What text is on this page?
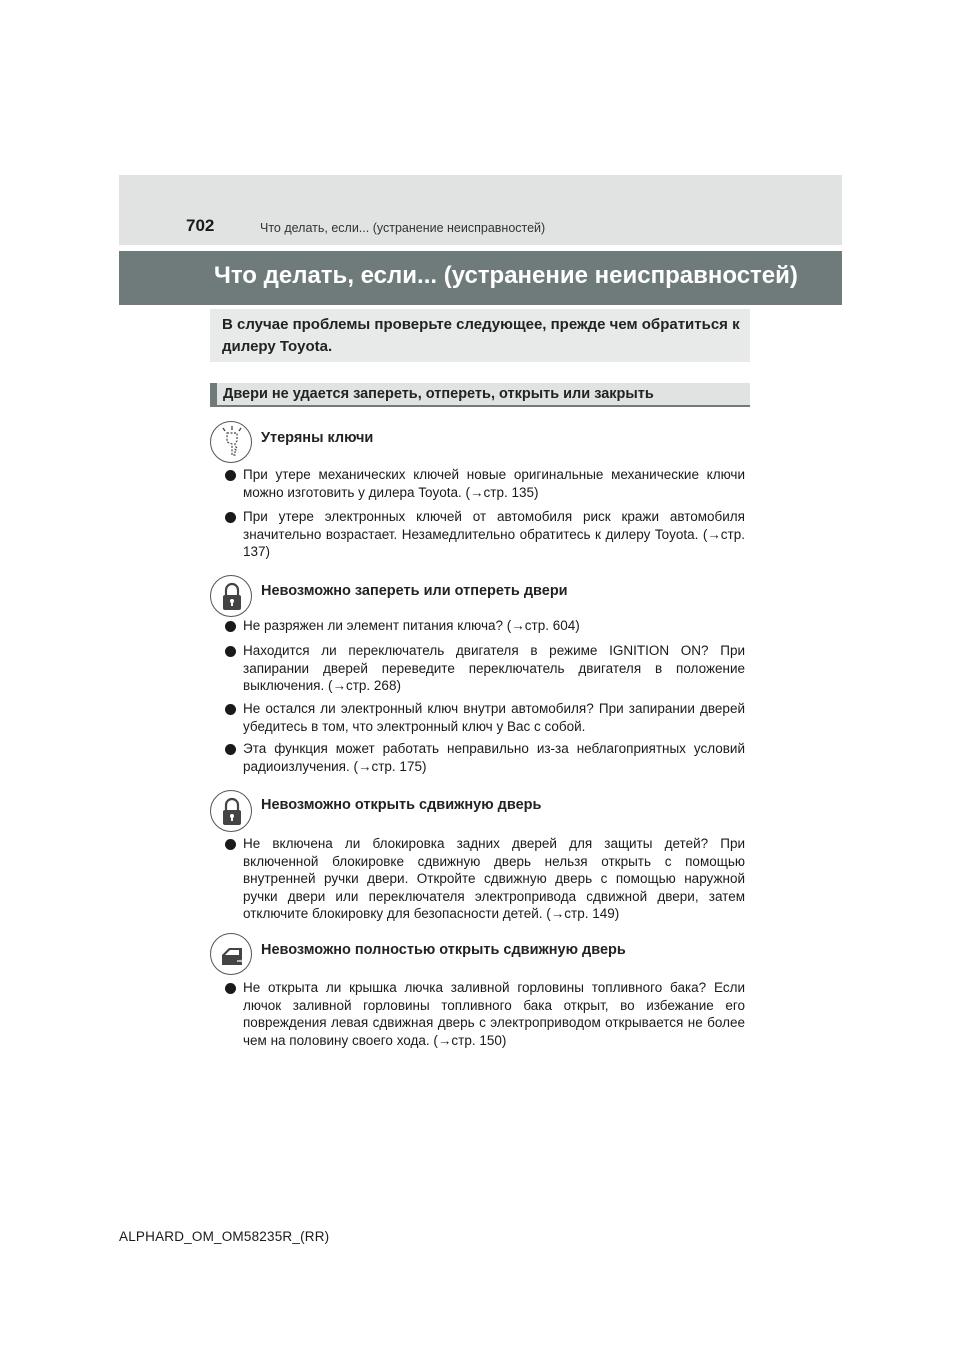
702	Что делать, если... (устранение неисправностей)
Что делать, если... (устранение неисправностей)
В случае проблемы проверьте следующее, прежде чем обратиться к дилеру Toyota.
Двери не удается запереть, отпереть, открыть или закрыть
Утеряны ключи
При утере механических ключей новые оригинальные механические ключи можно изготовить у дилера Toyota. (→стр. 135)
При утере электронных ключей от автомобиля риск кражи автомобиля значительно возрастает. Незамедлительно обратитесь к дилеру Toyota. (→стр. 137)
Невозможно запереть или отпереть двери
Не разряжен ли элемент питания ключа? (→стр. 604)
Находится ли переключатель двигателя в режиме IGNITION ON? При запирании дверей переведите переключатель двигателя в положение выключения. (→стр. 268)
Не остался ли электронный ключ внутри автомобиля? При запирании дверей убедитесь в том, что электронный ключ у Вас с собой.
Эта функция может работать неправильно из-за неблагоприятных условий радиоизлучения. (→стр. 175)
Невозможно открыть сдвижную дверь
Не включена ли блокировка задних дверей для защиты детей? При включенной блокировке сдвижную дверь нельзя открыть с помощью внутренней ручки двери. Откройте сдвижную дверь с помощью наружной ручки двери или переключателя электропривода сдвижной двери, затем отключите блокировку для безопасности детей. (→стр. 149)
Невозможно полностью открыть сдвижную дверь
Не открыта ли крышка лючка заливной горловины топливного бака? Если лючок заливной горловины топливного бака открыт, во избежание его повреждения левая сдвижная дверь с электроприводом открывается не более чем на половину своего хода. (→стр. 150)
ALPHARD_OM_OM58235R_(RR)
